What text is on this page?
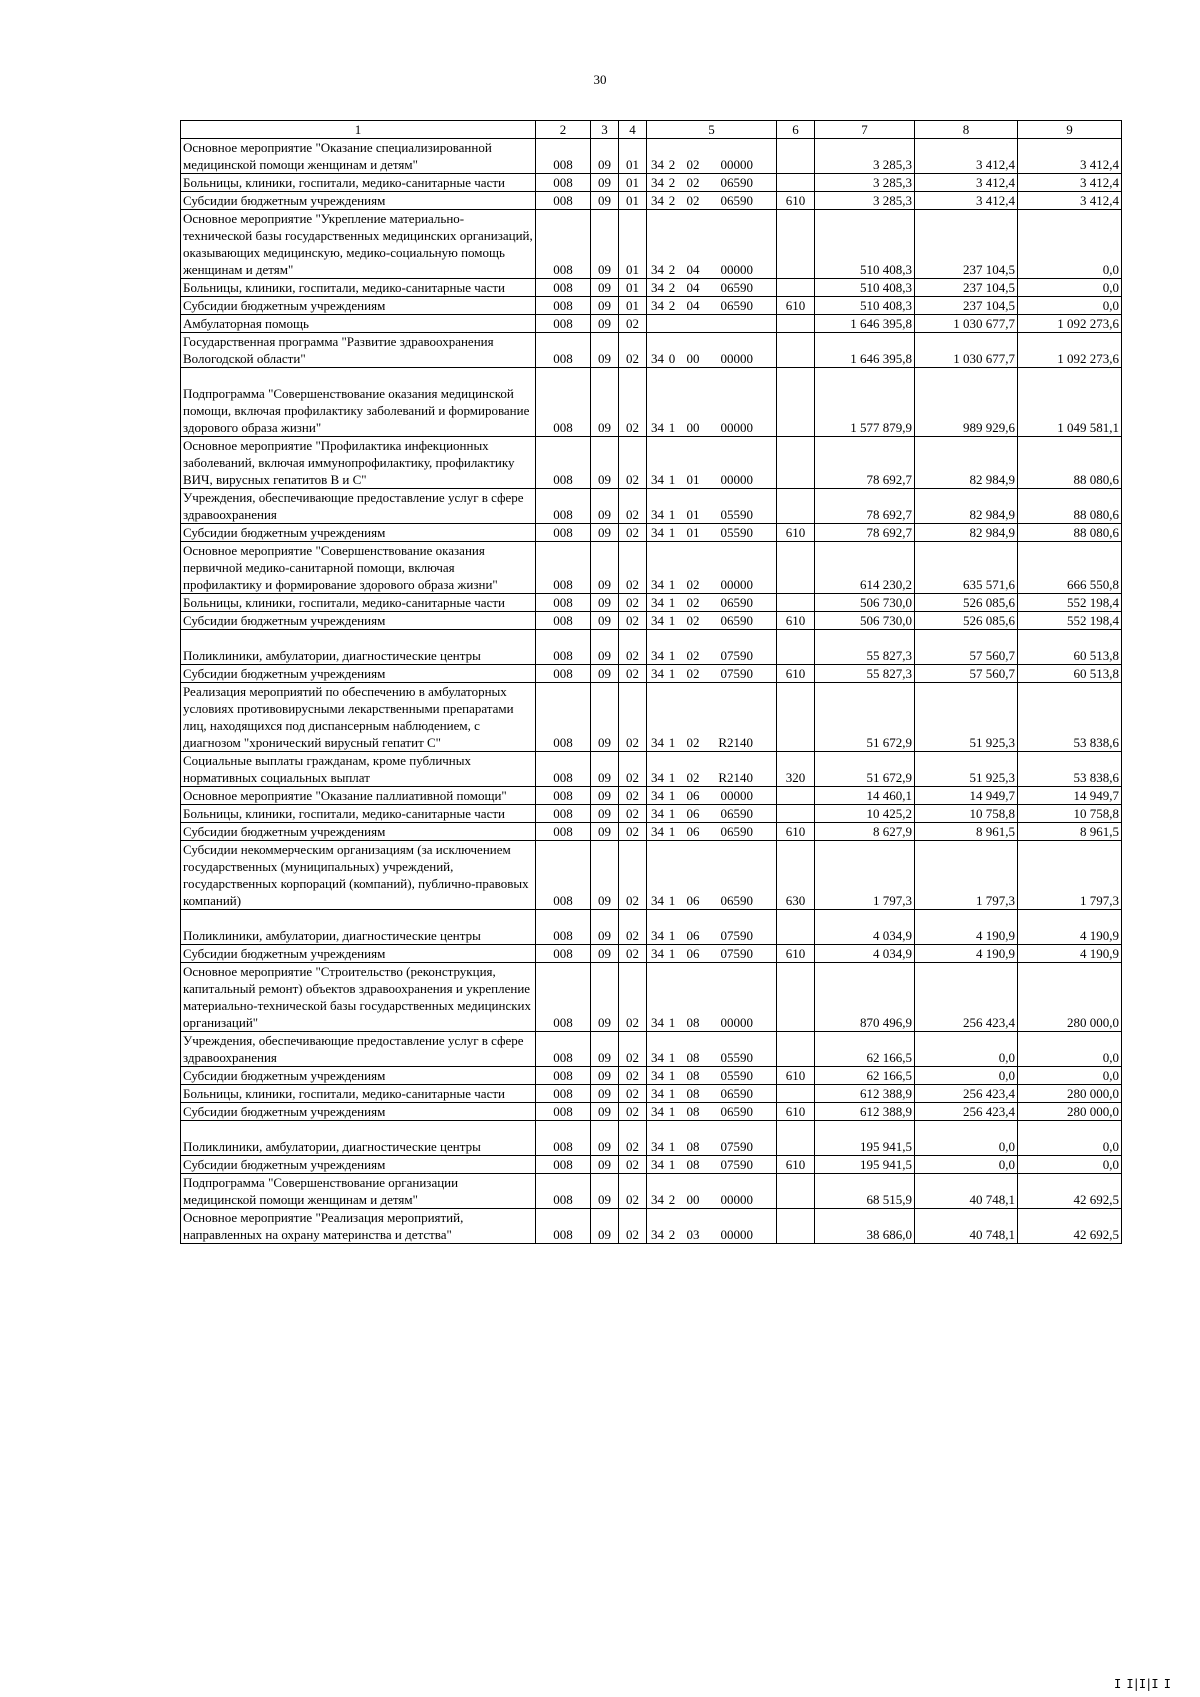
30
1	2	3	4	5	6	7	8	9
Основное мероприятие "Оказание специализированной медицинской помощи женщинам и детям"	008	09	01	34 2 02 00000		3 285,3	3 412,4	3 412,4
Больницы, клиники, госпитали, медико-санитарные части	008	09	01	34 2 02 06590		3 285,3	3 412,4	3 412,4
Субсидии бюджетным учреждениям	008	09	01	34 2 02 06590	610	3 285,3	3 412,4	3 412,4
Основное мероприятие "Укрепление материально-технической базы государственных медицинских организаций, оказывающих медицинскую, медико-социальную помощь женщинам и детям"	008	09	01	34 2 04 00000		510 408,3	237 104,5	0,0
Больницы, клиники, госпитали, медико-санитарные части	008	09	01	34 2 04 06590		510 408,3	237 104,5	0,0
Субсидии бюджетным учреждениям	008	09	01	34 2 04 06590	610	510 408,3	237 104,5	0,0
Амбулаторная помощь	008	09	02			1 646 395,8	1 030 677,7	1 092 273,6
Государственная программа "Развитие здравоохранения Вологодской области"	008	09	02	34 0 00 00000		1 646 395,8	1 030 677,7	1 092 273,6
Подпрограмма "Совершенствование оказания медицинской помощи, включая профилактику заболеваний и формирование здорового образа жизни"	008	09	02	34 1 00 00000		1 577 879,9	989 929,6	1 049 581,1
Основное мероприятие "Профилактика инфекционных заболеваний, включая иммунопрофилактику, профилактику ВИЧ, вирусных гепатитов В и С"	008	09	02	34 1 01 00000		78 692,7	82 984,9	88 080,6
Учреждения, обеспечивающие предоставление услуг в сфере здравоохранения	008	09	02	34 1 01 05590		78 692,7	82 984,9	88 080,6
Субсидии бюджетным учреждениям	008	09	02	34 1 01 05590	610	78 692,7	82 984,9	88 080,6
Основное мероприятие "Совершенствование оказания первичной медико-санитарной помощи, включая профилактику и формирование здорового образа жизни"	008	09	02	34 1 02 00000		614 230,2	635 571,6	666 550,8
Больницы, клиники, госпитали, медико-санитарные части	008	09	02	34 1 02 06590		506 730,0	526 085,6	552 198,4
Субсидии бюджетным учреждениям	008	09	02	34 1 02 06590	610	506 730,0	526 085,6	552 198,4
Поликлиники, амбулатории, диагностические центры	008	09	02	34 1 02 07590		55 827,3	57 560,7	60 513,8
Субсидии бюджетным учреждениям	008	09	02	34 1 02 07590	610	55 827,3	57 560,7	60 513,8
Реализация мероприятий по обеспечению в амбулаторных условиях противовирусными лекарственными препаратами лиц, находящихся под диспансерным наблюдением, с диагнозом "хронический вирусный гепатит С"	008	09	02	34 1 02 R2140		51 672,9	51 925,3	53 838,6
Социальные выплаты гражданам, кроме публичных нормативных социальных выплат	008	09	02	34 1 02 R2140	320	51 672,9	51 925,3	53 838,6
Основное мероприятие "Оказание паллиативной помощи"	008	09	02	34 1 06 00000		14 460,1	14 949,7	14 949,7
Больницы, клиники, госпитали, медико-санитарные части	008	09	02	34 1 06 06590		10 425,2	10 758,8	10 758,8
Субсидии бюджетным учреждениям	008	09	02	34 1 06 06590	610	8 627,9	8 961,5	8 961,5
Субсидии некоммерческим организациям (за исключением государственных (муниципальных) учреждений, государственных корпораций (компаний), публично-правовых компаний)	008	09	02	34 1 06 06590	630	1 797,3	1 797,3	1 797,3
Поликлиники, амбулатории, диагностические центры	008	09	02	34 1 06 07590		4 034,9	4 190,9	4 190,9
Субсидии бюджетным учреждениям	008	09	02	34 1 06 07590	610	4 034,9	4 190,9	4 190,9
Основное мероприятие "Строительство (реконструкция, капитальный ремонт) объектов здравоохранения и укрепление материально-технической базы государственных медицинских организаций"	008	09	02	34 1 08 00000		870 496,9	256 423,4	280 000,0
Учреждения, обеспечивающие предоставление услуг в сфере здравоохранения	008	09	02	34 1 08 05590		62 166,5	0,0	0,0
Субсидии бюджетным учреждениям	008	09	02	34 1 08 05590	610	62 166,5	0,0	0,0
Больницы, клиники, госпитали, медико-санитарные части	008	09	02	34 1 08 06590		612 388,9	256 423,4	280 000,0
Субсидии бюджетным учреждениям	008	09	02	34 1 08 06590	610	612 388,9	256 423,4	280 000,0
Поликлиники, амбулатории, диагностические центры	008	09	02	34 1 08 07590		195 941,5	0,0	0,0
Субсидии бюджетным учреждениям	008	09	02	34 1 08 07590	610	195 941,5	0,0	0,0
Подпрограмма "Совершенствование организации медицинской помощи женщинам и детям"	008	09	02	34 2 00 00000		68 515,9	40 748,1	42 692,5
Основное мероприятие "Реализация мероприятий, направленных на охрану материнства и детства"	008	09	02	34 2 03 00000		38 686,0	40 748,1	42 692,5
I I|I|I I
